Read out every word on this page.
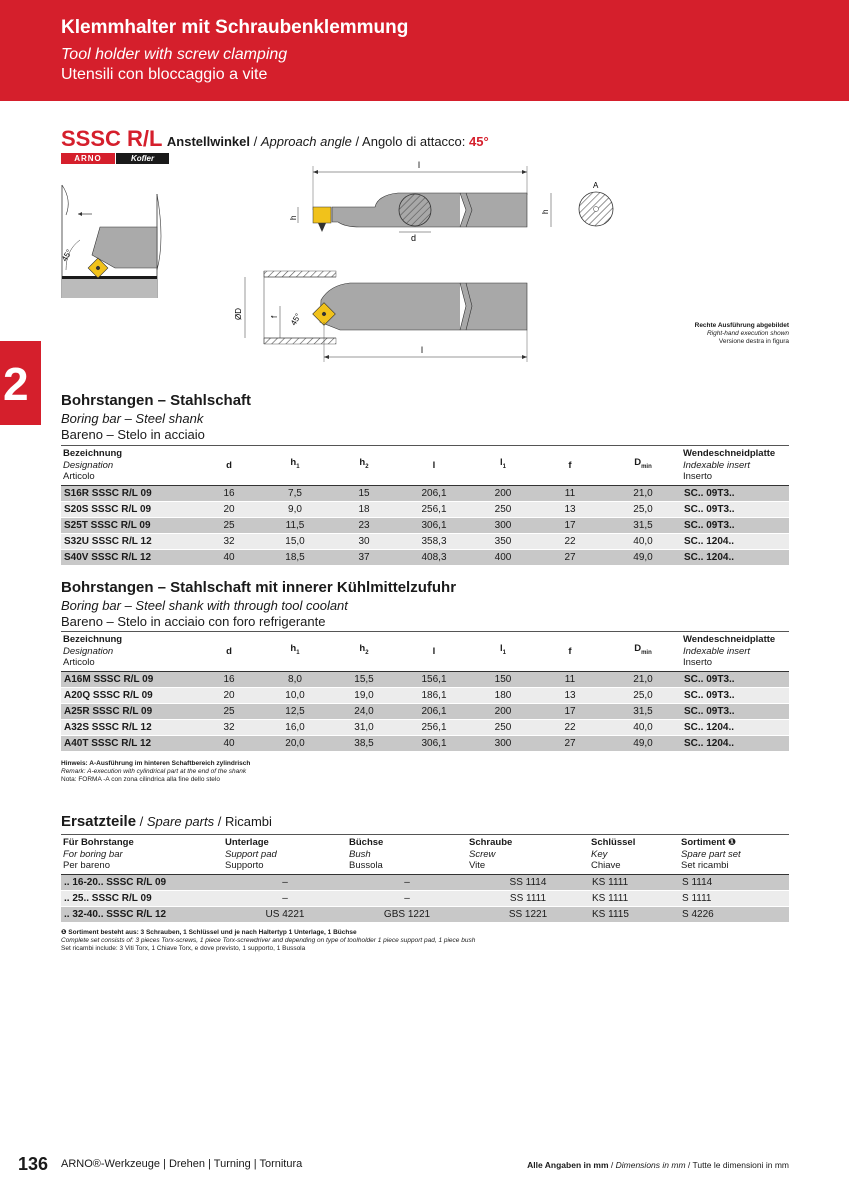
Klemmhalter mit Schraubenklemmung
Tool holder with screw clamping
Utensili con bloccaggio a vite
2
SSSC R/L Anstellwinkel / Approach angle / Angolo di attacco: 45°
ARNO	Kofler
45°
l
d
h
h
A
ØD	f 45°
l
Rechte Ausführung abgebildet
Right-hand execution shown
Versione destra in figura
Bohrstangen – Stahlschaft
Boring bar – Steel shank
Bareno – Stelo in acciaio
Bezeichnung
Designation
Articolo	d	$h_1$	$h_2$	l	$l_1$	f	$D_{min}$	Wendeschneidplatte
Indexable insert
Inserto

S16R SSSC R/L 09	16	7,5	15	206,1	200	11	21,0	SC.. 09T3..
S20S SSSC R/L 09	20	9,0	18	256,1	250	13	25,0	SC.. 09T3..
S25T SSSC R/L 09	25	11,5	23	306,1	300	17	31,5	SC.. 09T3..
S32U SSSC R/L 12	32	15,0	30	358,3	350	22	40,0	SC.. 1204..
S40V SSSC R/L 12	40	18,5	37	408,3	400	27	49,0	SC.. 1204..
Bohrstangen – Stahlschaft mit innerer Kühlmittelzufuhr
Boring bar – Steel shank with through tool coolant
Bareno – Stelo in acciaio con foro refrigerante
Bezeichnung
Designation
Articolo	d	$h_1$	$h_2$	l	$l_1$	f	$D_{min}$	Wendeschneidplatte
Indexable insert
Inserto

A16M SSSC R/L 09	16	8,0	15,5	156,1	150	11	21,0	SC.. 09T3..
A20Q SSSC R/L 09	20	10,0	19,0	186,1	180	13	25,0	SC.. 09T3..
A25R SSSC R/L 09	25	12,5	24,0	206,1	200	17	31,5	SC.. 09T3..
A32S SSSC R/L 12	32	16,0	31,0	256,1	250	22	40,0	SC.. 1204..
A40T SSSC R/L 12	40	20,0	38,5	306,1	300	27	49,0	SC.. 1204..
Hinweis: A-Ausführung im hinteren Schaftbereich zylindrisch
Remark: A-execution with cylindrical part at the end of the shank
Nota: FORMA -A con zona cilindrica alla fine dello stelo
Ersatzteile / Spare parts / Ricambi
Für Bohrstange
For boring bar
Per bareno	Unterlage
Support pad
Supporto	Büchse
Bush
Bussola	Schraube
Screw
Vite	Schlüssel
Key
Chiave	Sortiment ❶
Spare part set
Set ricambi

.. 16-20.. SSSC R/L 09	–	–	SS 1114	KS 1111	S 1114
.. 25.. SSSC R/L 09	–	–	SS 1111	KS 1111	S 1111
.. 32-40.. SSSC R/L 12	US 4221	GBS 1221	SS 1221	KS 1115	S 4226
❶ Sortiment besteht aus: 3 Schrauben, 1 Schlüssel und je nach Haltertyp 1 Unterlage, 1 Büchse
Complete set consists of: 3 pieces Torx-screws, 1 piece Torx-screwdriver and depending on type of toolholder 1 piece support pad, 1 piece bush
Set ricambi include: 3 Viti Torx, 1 Chiave Torx, e dove previsto, 1 supporto, 1 Bussola
136 ARNO®-Werkzeuge | Drehen | Turning | Tornitura	Alle Angaben in mm / Dimensions in mm / Tutte le dimensioni in mm
